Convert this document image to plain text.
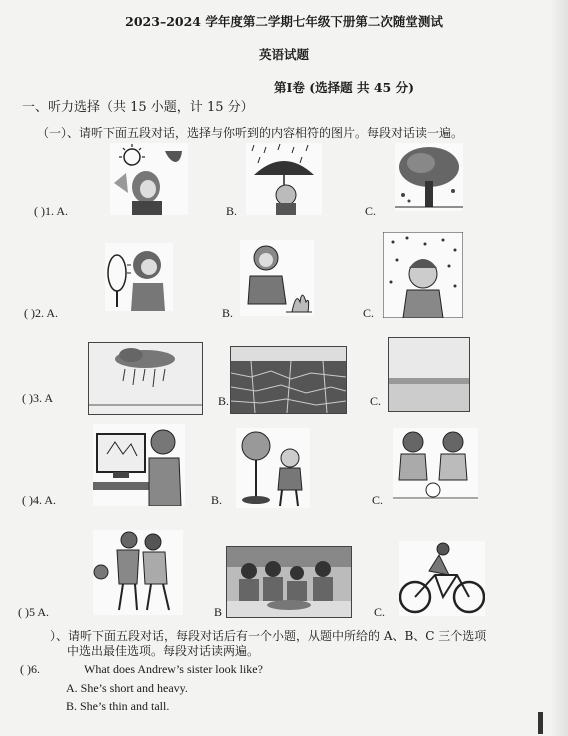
2023–2024 学年度第二学期七年级下册第二次随堂测试
英语试题
第Ⅰ卷 (选择题 共 45 分)
一、听力选择（共 15 小题，计 15 分）
（一）、请听下面五段对话，选择与你听到的内容相符的图片。每段对话读一遍。
( )1. A.	B.	C.
( )2. A.	B.	C.
( )3. A	B.	C.
( )4. A.	B.	C.
( )5 A.	B	C.
）、请听下面五段对话，每段对话后有一个小题，从题中所给的 A、B、C 三个选项
中选出最佳选项。每段对话读两遍。
( )6.	What does Andrew’s sister look like?
A. She’s short and heavy.
B. She’s thin and tall.
